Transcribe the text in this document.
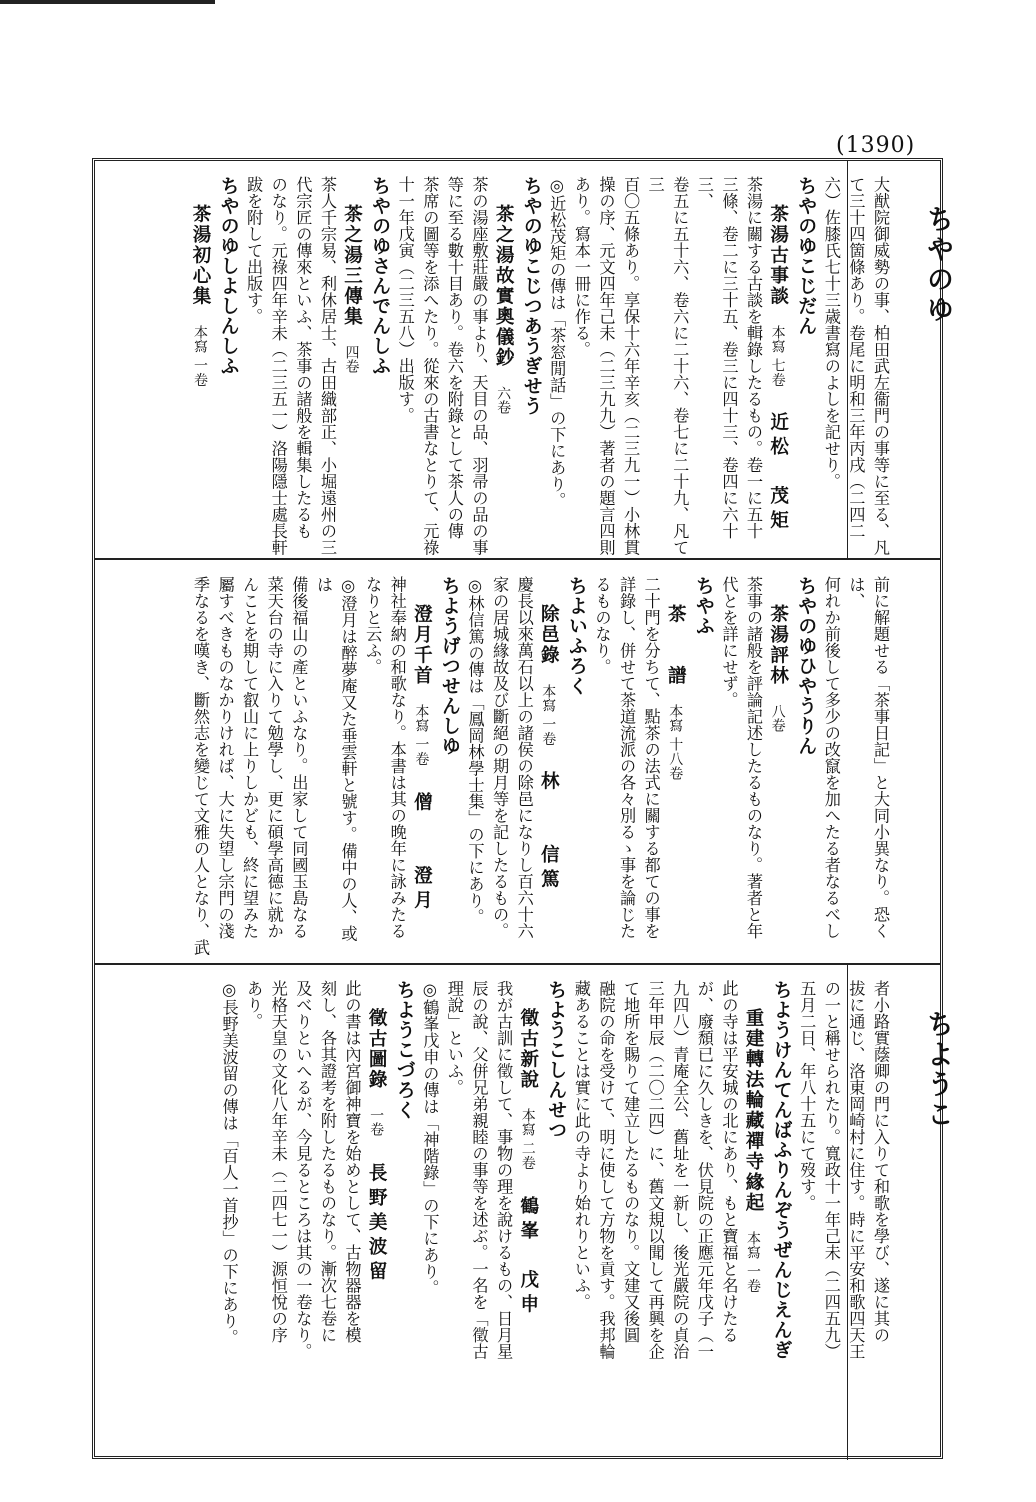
(1390)
ちやのゆ
ちようこ
大猷院御威勢の事、柏田武左衞門の事等に至る、凡
て三十四箇條あり。卷尾に明和三年丙戌（二四二
六）佐膝氏七十三歳書寫のよしを記せり。
ちやのゆこじだん
茶湯古事談本寫 七卷近松　茂矩
茶湯に關する古談を輯錄したるもの。卷一に五十
三條、卷二に三十五、卷三に四十三、卷四に六十三、
卷五に五十六、卷六に二十六、卷七に二十九、凡て三
百〇五條あり。享保十六年辛亥（二三九一）小林貫
操の序、元文四年己未（二三九九）著者の題言四則
あり。寫本一冊に作る。
◎近松茂矩の傳は「茶窓閒話」の下にあり。
ちやのゆこじつあうぎせう
茶之湯故實奧儀鈔六卷
茶の湯座敷莊嚴の事より、天目の品、羽帚の品の事
等に至る數十目あり。卷六を附錄として茶人の傳
茶席の圖等を添へたり。從來の古書なとりて、元祿
十一年戊寅（二三五八）出版す。
ちやのゆさんでんしふ
茶之湯三傳集四卷
茶人千宗易、利休居士、古田織部正、小堀遠州の三
代宗匠の傳來といふ、茶事の諸般を輯集したるも
のなり。元祿四年辛未（二三五一）洛陽隱士處長軒
跋を附して出版す。
ちやのゆしよしんしふ
茶湯初心集本寫 一卷
前に解題せる「茶事日記」と大同小異なり。恐くは、
何れか前後して多少の改竄を加へたる者なるべし
ちやのゆひやうりん
茶湯評林八卷
茶事の諸般を評論記述したるものなり。著者と年
代とを詳にせず。
ちやふ
茶　　譜本寫 十八卷
二十門を分ちて、點茶の法式に關する都ての事を
詳錄し、併せて茶道流派の各々別るゝ事を論じた
るものなり。
ちよいふろく
除邑錄本寫 一卷林　　信篤
慶長以來萬石以上の諸侯の除邑になりし百六十六
家の居城緣故及び斷絕の期月等を記したるもの。
◎林信篤の傳は「鳳岡林學士集」の下にあり。
ちようげつせんしゆ
澄月千首本寫 一卷僧　　澄月
神社奉納の和歌なり。本書は其の晚年に詠みたる
なりと云ふ。
◎澄月は醉夢庵又た垂雲軒と號す。備中の人、或は
備後福山の產といふなり。出家して同國玉島なる
菜天台の寺に入りて勉學し、更に碩學高德に就か
んことを期して叡山に上りしかども、終に望みた
屬すべきものなかりければ、大に失望し宗門の淺
季なるを嘆き、斷然志を變じて文雅の人となり、武
者小路實蔭卿の門に入りて和歌を學び、遂に其の
拔に通じ、洛東岡崎村に住す。時に平安和歌四天王
の一と稱せられたり。寬政十一年己未（二四五九）
五月二日、年八十五にて歿す。
ちようけんてんばふりんぞうぜんじえんぎ
重建轉法輪藏禪寺緣起本寫 一卷
此の寺は平安城の北にあり、もと寶福と名けたる
が、廢頹已に久しきを、伏見院の正應元年戊子（一
九四八）青庵全公、舊址を一新し、後光嚴院の貞治
三年甲辰（二〇二四）に、舊文規以聞して再興を企
て地所を賜りて建立したるものなり。文建又後圓
融院の命を受けて、明に使して方物を貢す。我邦輪
藏あることは實に此の寺より始れりといふ。
ちようこしんせつ
徵古新說本寫 二卷鶴峯　戊申
我が古訓に徵して、事物の理を說けるもの、日月星
辰の說、父併兄弟親睦の事等を述ぶ。一名を「徵古
理說」といふ。
◎鶴峯戊申の傳は「神階錄」の下にあり。
ちようこづろく
徵古圖錄一卷長野美波留
此の書は內宮御神寶を始めとして、古物器器を模
刻し、各其證考を附したるものなり。漸次七卷に
及べりといへるが、今見るところは其の一卷なり。
光格天皇の文化八年辛未（二四七一）源恒悅の序
あり。
◎長野美波留の傳は「百人一首抄」の下にあり。
